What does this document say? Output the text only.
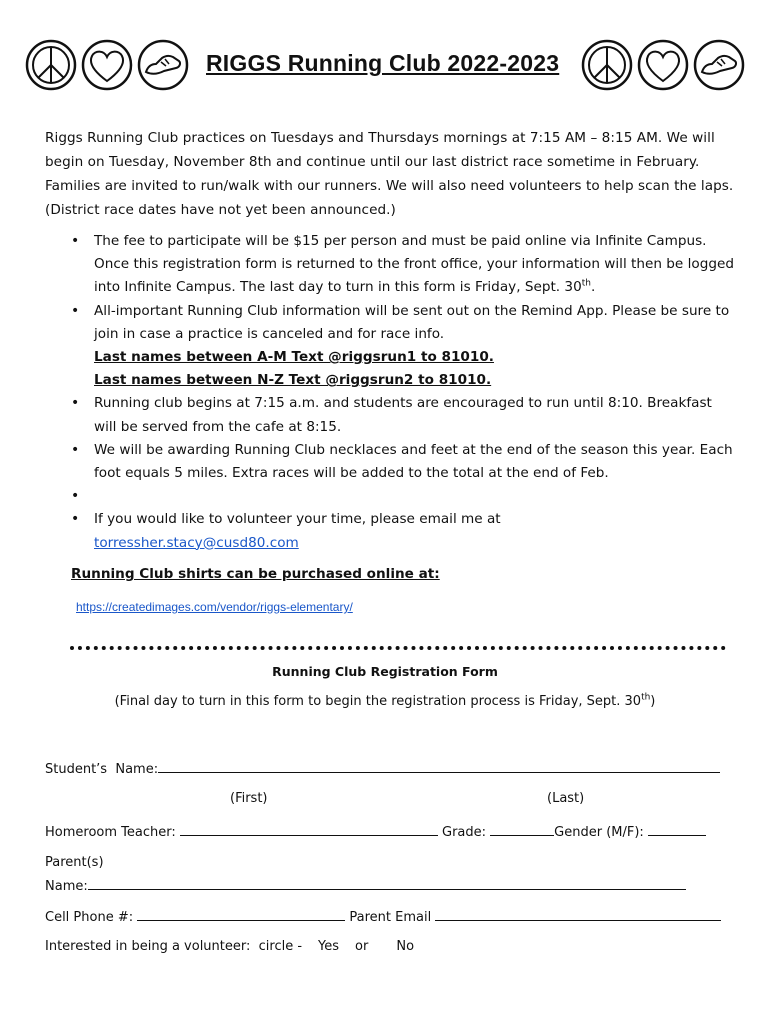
RIGGS Running Club 2022-2023
Riggs Running Club practices on Tuesdays and Thursdays mornings at 7:15 AM – 8:15 AM. We will begin on Tuesday, November 8th and continue until our last district race sometime in February. Families are invited to run/walk with our runners. We will also need volunteers to help scan the laps. (District race dates have not yet been announced.)
• The fee to participate will be $15 per person and must be paid online via Infinite Campus. Once this registration form is returned to the front office, your information will then be logged into Infinite Campus. The last day to turn in this form is Friday, Sept. 30th.
• All-important Running Club information will be sent out on the Remind App. Please be sure to join in case a practice is canceled and for race info.
Last names between A-M Text @riggsrun1 to 81010.
Last names between N-Z Text @riggsrun2 to 81010.
• Running club begins at 7:15 a.m. and students are encouraged to run until 8:10. Breakfast will be served from the cafe at 8:15.
• We will be awarding Running Club necklaces and feet at the end of the season this year. Each foot equals 5 miles. Extra races will be added to the total at the end of Feb.
•
• If you would like to volunteer your time, please email me at
torressher.stacy@cusd80.com
Running Club shirts can be purchased online at:
https://createdimages.com/vendor/riggs-elementary/
Running Club Registration Form
(Final day to turn in this form to begin the registration process is Friday, Sept. 30th)
Student’s  Name:
(First)	(Last)
Homeroom Teacher:	Grade:	Gender (M/F):
Parent(s)
Name:
Cell Phone #:	Parent Email
Interested in being a volunteer:  circle - Yes or No
